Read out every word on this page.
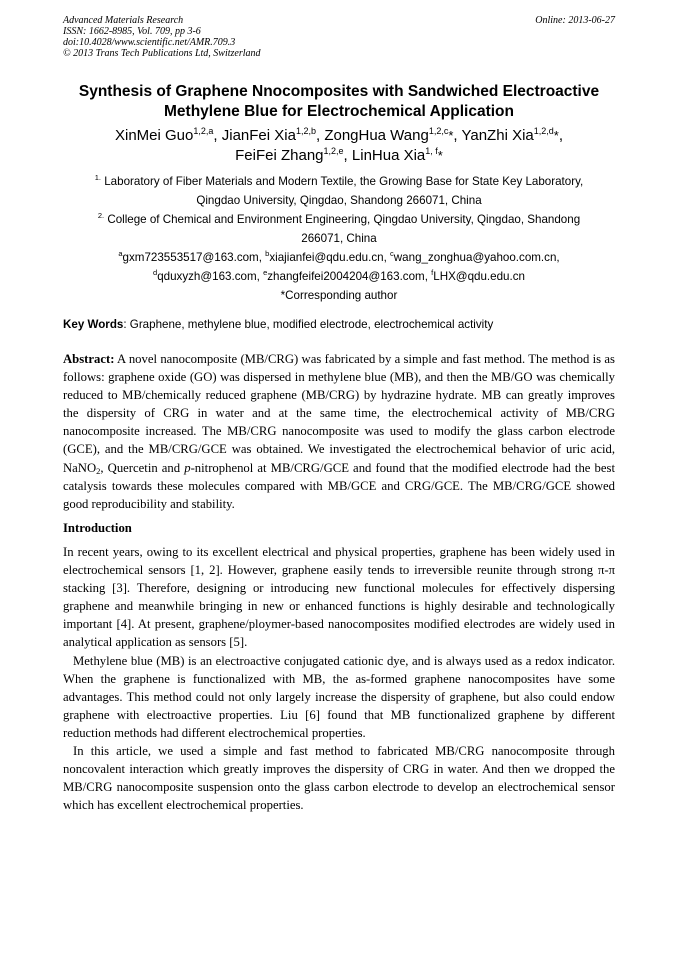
Advanced Materials Research
ISSN: 1662-8985, Vol. 709, pp 3-6
doi:10.4028/www.scientific.net/AMR.709.3
© 2013 Trans Tech Publications Ltd, Switzerland
Online: 2013-06-27
Synthesis of Graphene Nnocomposites with Sandwiched Electroactive
Methylene Blue for Electrochemical Application
XinMei Guo$^{1,2,a}$, JianFei Xia$^{1,2,b}$, ZongHua Wang$^{1,2,c}$*, YanZhi Xia$^{1,2,d}$*,
FeiFei Zhang$^{1,2,e}$, LinHua Xia$^{1, f}$*
$^{1.}$ Laboratory of Fiber Materials and Modern Textile, the Growing Base for State Key Laboratory,
Qingdao University, Qingdao, Shandong 266071, China
$^{2.}$ College of Chemical and Environment Engineering, Qingdao University, Qingdao, Shandong
266071, China
$^a$gxm723553517@163.com, $^b$xiajianfei@qdu.edu.cn, $^c$wang_zonghua@yahoo.com.cn,
$^d$qduxyzh@163.com, $^e$zhangfeifei2004204@163.com, $^f$LHX@qdu.edu.cn
*Corresponding author
Key Words: Graphene, methylene blue, modified electrode, electrochemical activity

Abstract: A novel nanocomposite (MB/CRG) was fabricated by a simple and fast method. The method is as follows: graphene oxide (GO) was dispersed in methylene blue (MB), and then the MB/GO was chemically reduced to MB/chemically reduced graphene (MB/CRG) by hydrazine hydrate. MB can greatly improves the dispersity of CRG in water and at the same time, the electrochemical activity of MB/CRG nanocomposite increased. The MB/CRG nanocomposite was used to modify the glass carbon electrode (GCE), and the MB/CRG/GCE was obtained. We investigated the electrochemical behavior of uric acid, NaNO$_2$, Quercetin and p-nitrophenol at MB/CRG/GCE and found that the modified electrode had the best catalysis towards these molecules compared with MB/GCE and CRG/GCE. The MB/CRG/GCE showed good reproducibility and stability.

Introduction

In recent years, owing to its excellent electrical and physical properties, graphene has been widely used in electrochemical sensors [1, 2]. However, graphene easily tends to irreversible reunite through strong π-π stacking [3]. Therefore, designing or introducing new functional molecules for effectively dispersing graphene and meanwhile bringing in new or enhanced functions is highly desirable and technologically important [4]. At present, graphene/ploymer-based nanocomposites modified electrodes are widely used in analytical application as sensors [5].

Methylene blue (MB) is an electroactive conjugated cationic dye, and is always used as a redox indicator. When the graphene is functionalized with MB, the as-formed graphene nanocomposites have some advantages. This method could not only largely increase the dispersity of graphene, but also could endow graphene with electroactive properties. Liu [6] found that MB functionalized graphene by different reduction methods had different electrochemical properties.

In this article, we used a simple and fast method to fabricated MB/CRG nanocomposite through noncovalent interaction which greatly improves the dispersity of CRG in water. And then we dropped the MB/CRG nanocomposite suspension onto the glass carbon electrode to develop an electrochemical sensor which has excellent electrochemical properties.
